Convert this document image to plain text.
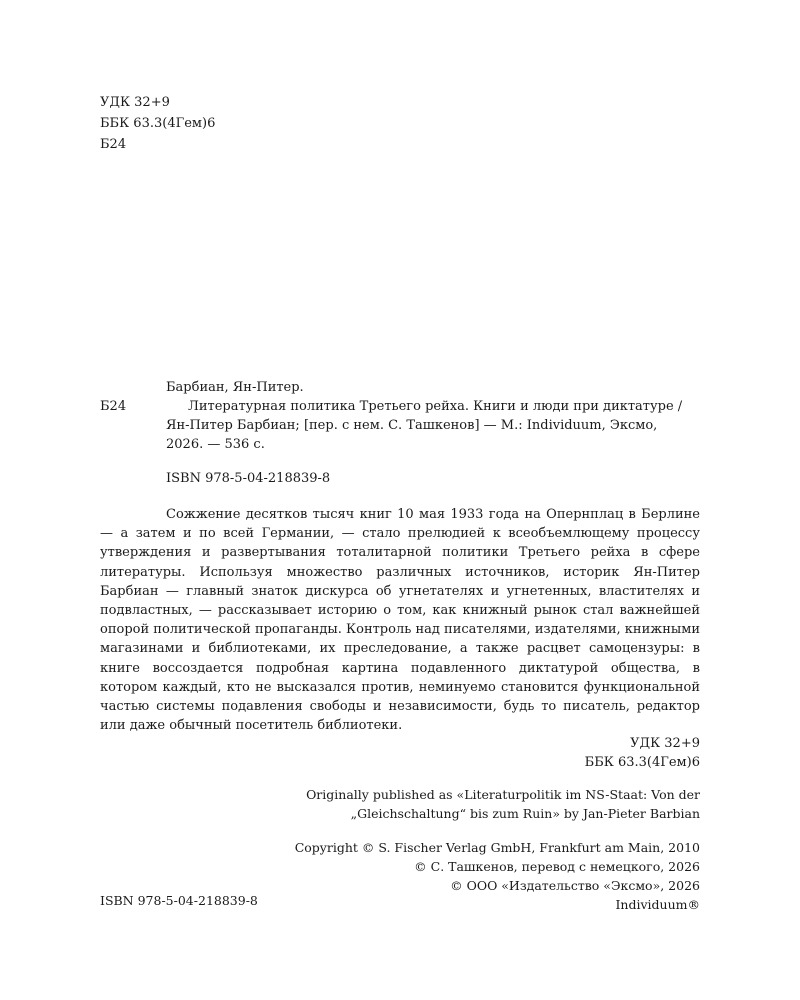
УДК 32+9
ББК 63.3(4Гем)6
Б24
Б24
Барбиан, Ян-Питер.
Литературная политика Третьего рейха. Книги и люди при диктатуре /
Ян-Питер Барбиан; [пер. с нем. С. Ташкенов] — М.: Individuum, Эксмо,
2026. — 536 с.
ISBN 978-5-04-218839-8

Сожжение десятков тысяч книг 10 мая 1933 года на Опернплац в Берлине — а затем и по всей Германии, — стало прелюдией к всеобъемлющему процессу утверждения и развертывания тоталитарной политики Третьего рейха в сфере литературы. Используя множество различных источников, историк Ян-Питер Барбиан — главный знаток дискурса об угнетателях и угнетенных, властителях и подвластных, — рассказывает историю о том, как книжный рынок стал важнейшей опорой политической пропаганды. Контроль над писателями, издателями, книжными магазинами и библиотеками, их преследование, а также расцвет самоцензуры: в книге воссоздается подробная картина подавленного диктатурой общества, в котором каждый, кто не высказался против, неминуемо становится функциональной частью системы подавления свободы и независимости, будь то писатель, редактор или даже обычный посетитель библиотеки.

УДК 32+9
ББК 63.3(4Гем)6
Originally published as «Literaturpolitik im NS-Staat: Von der
„Gleichschaltung“ bis zum Ruin» by Jan-Pieter Barbian
Copyright © S. Fischer Verlag GmbH, Frankfurt am Main, 2010
© С. Ташкенов, перевод с немецкого, 2026
© ООО «Издательство «Эксмо», 2026
Individuum®
ISBN 978-5-04-218839-8
